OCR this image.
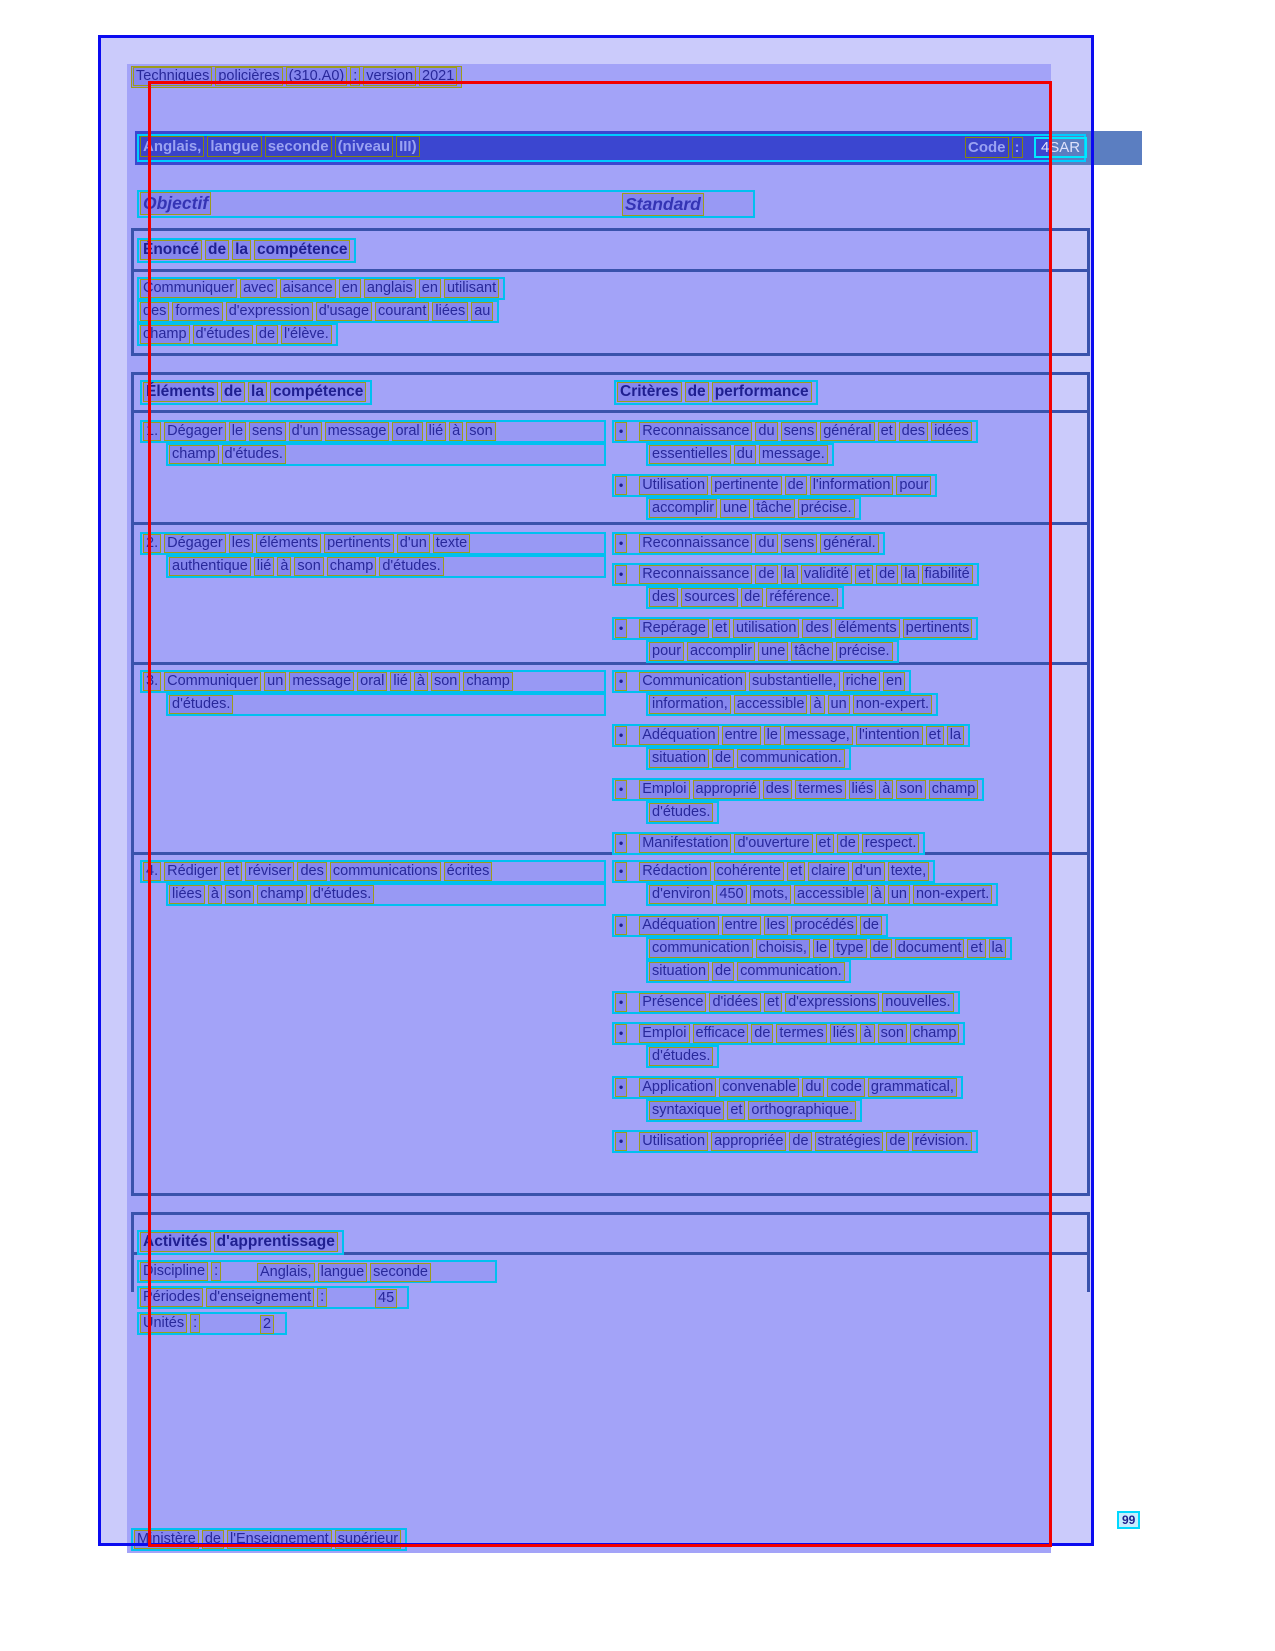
Techniques policières (310.A0) : version 2021
Anglais, langue seconde (niveau III)	Code : 4SAR
Objectif	Standard
Énoncé de la compétence
Communiquer avec aisance en anglais en utilisant
des formes d'expression d'usage courant liées au
champ d'études de l'élève.
Éléments de la compétence	Critères de performance
1. Dégager le sens d'un message oral lié à son
champ d'études.
• Reconnaissance du sens général et des idées
essentielles du message.
• Utilisation pertinente de l'information pour
accomplir une tâche précise.
2. Dégager les éléments pertinents d'un texte
authentique lié à son champ d'études.
• Reconnaissance du sens général.
• Reconnaissance de la validité et de la fiabilité
des sources de référence.
• Repérage et utilisation des éléments pertinents
pour accomplir une tâche précise.
3. Communiquer un message oral lié à son champ
d'études.
• Communication substantielle, riche en
information, accessible à un non-expert.
• Adéquation entre le message, l'intention et la
situation de communication.
• Emploi approprié des termes liés à son champ
d'études.
• Manifestation d'ouverture et de respect.
4. Rédiger et réviser des communications écrites
liées à son champ d'études.
• Rédaction cohérente et claire d'un texte,
d'environ 450 mots, accessible à un non-expert.
• Adéquation entre les procédés de
communication choisis, le type de document et la
situation de communication.
• Présence d'idées et d'expressions nouvelles.
• Emploi efficace de termes liés à son champ
d'études.
• Application convenable du code grammatical,
syntaxique et orthographique.
• Utilisation appropriée de stratégies de révision.
Activités d'apprentissage
Discipline :	Anglais, langue seconde
Périodes d'enseignement :	45
Unités :	2
Ministère de l'Enseignement supérieur
99
